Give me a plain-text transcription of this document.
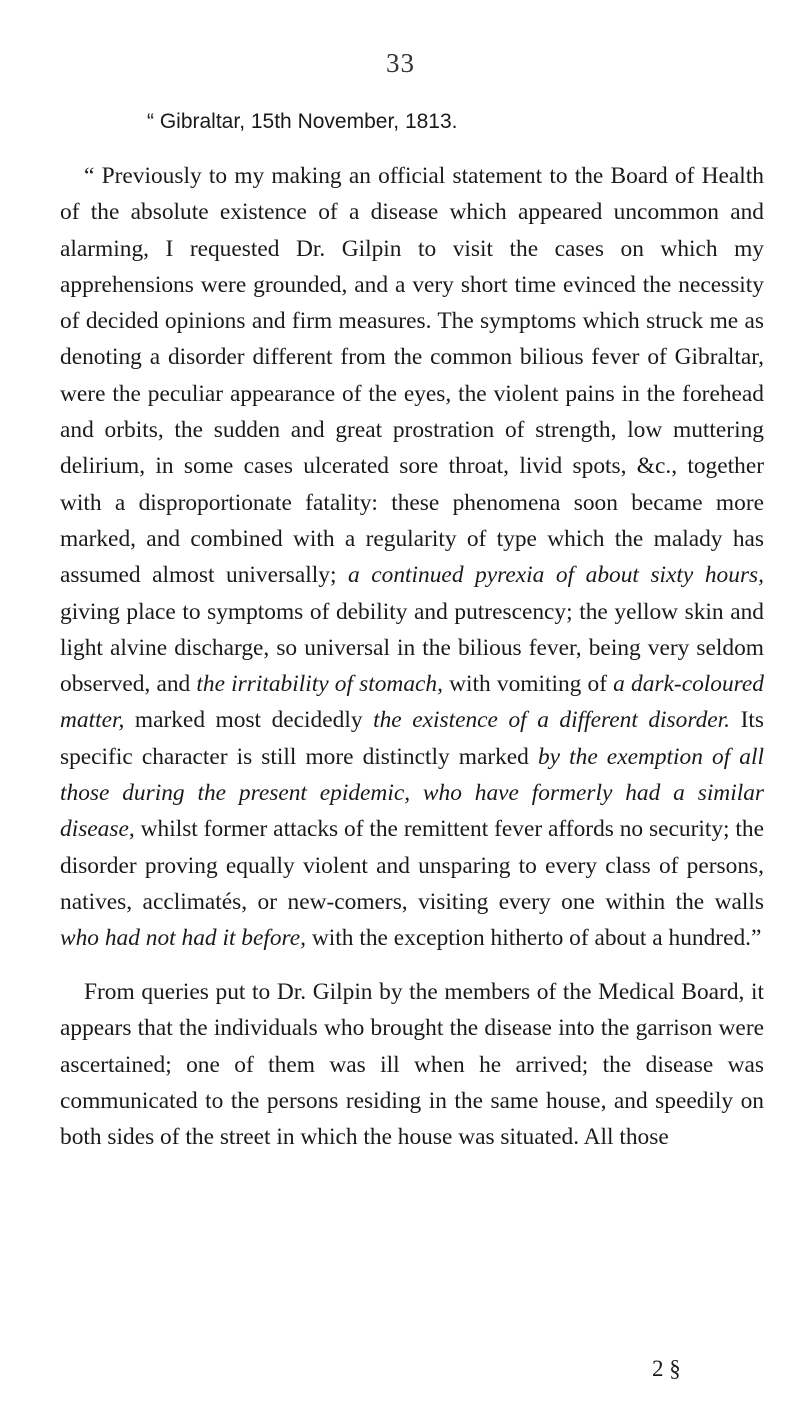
33
“ Gibraltar, 15th November, 1813.

“ Previously to my making an official statement to the Board of Health of the absolute existence of a disease which appeared uncommon and alarming, I requested Dr. Gilpin to visit the cases on which my apprehensions were grounded, and a very short time evinced the necessity of decided opinions and firm measures. The symptoms which struck me as denoting a disorder different from the common bilious fever of Gibraltar, were the peculiar appearance of the eyes, the violent pains in the forehead and orbits, the sudden and great prostration of strength, low muttering delirium, in some cases ulcerated sore throat, livid spots, &c., together with a disproportionate fatality: these phenomena soon became more marked, and combined with a regularity of type which the malady has assumed almost universally; a continued pyrexia of about sixty hours, giving place to symptoms of debility and putrescency; the yellow skin and light alvine discharge, so universal in the bilious fever, being very seldom observed, and the irritability of stomach, with vomiting of a dark-coloured matter, marked most decidedly the existence of a different disorder. Its specific character is still more distinctly marked by the exemption of all those during the present epidemic, who have formerly had a similar disease, whilst former attacks of the remittent fever affords no security; the disorder proving equally violent and unsparing to every class of persons, natives, acclimatés, or new-comers, visiting every one within the walls who had not had it before, with the exception hitherto of about a hundred.”

From queries put to Dr. Gilpin by the members of the Medical Board, it appears that the individuals who brought the disease into the garrison were ascertained; one of them was ill when he arrived; the disease was communicated to the persons residing in the same house, and speedily on both sides of the street in which the house was situated. All those

2 §
